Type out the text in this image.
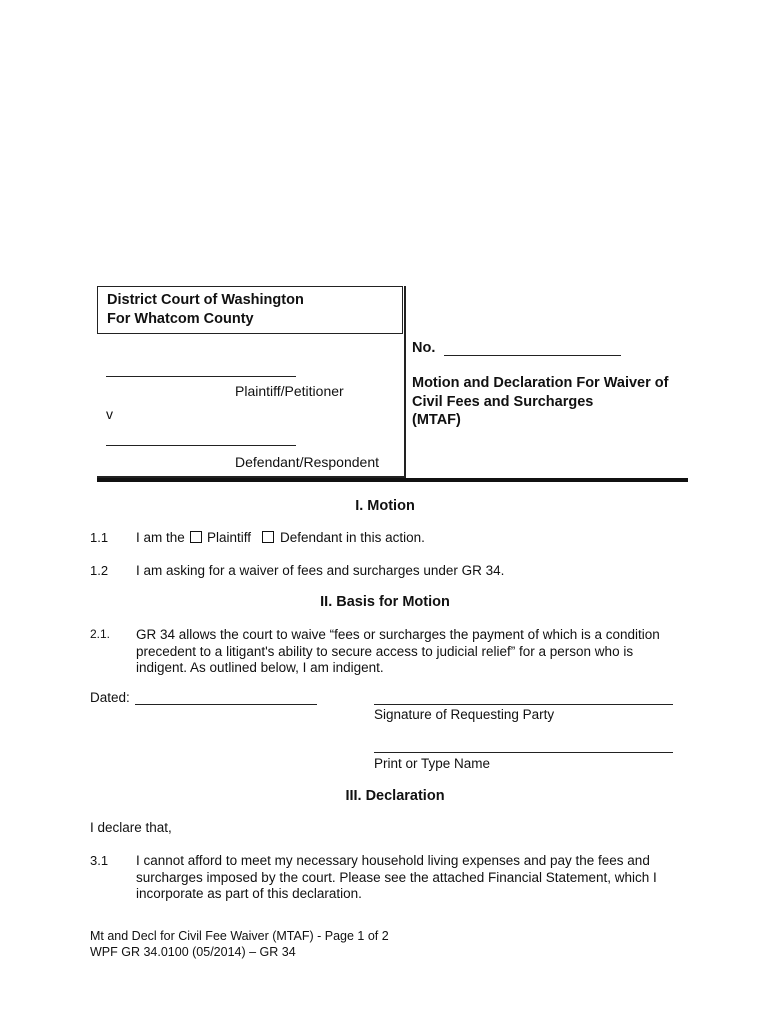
District Court of Washington
For Whatcom County
Plaintiff/Petitioner
v
Defendant/Respondent
No.
Motion and Declaration For Waiver of
Civil Fees and Surcharges
(MTAF)
I. Motion
1.1 I am the Plaintiff Defendant in this action.
1.2 I am asking for a waiver of fees and surcharges under GR 34.
II. Basis for Motion
2.1. GR 34 allows the court to waive “fees or surcharges the payment of which is a condition
precedent to a litigant's ability to secure access to judicial relief” for a person who is
indigent. As outlined below, I am indigent.
Dated:
Signature of Requesting Party
Print or Type Name
III. Declaration
I declare that,
3.1 I cannot afford to meet my necessary household living expenses and pay the fees and
surcharges imposed by the court. Please see the attached Financial Statement, which I
incorporate as part of this declaration.
Mt and Decl for Civil Fee Waiver (MTAF) - Page 1 of 2
WPF GR 34.0100 (05/2014) – GR 34
